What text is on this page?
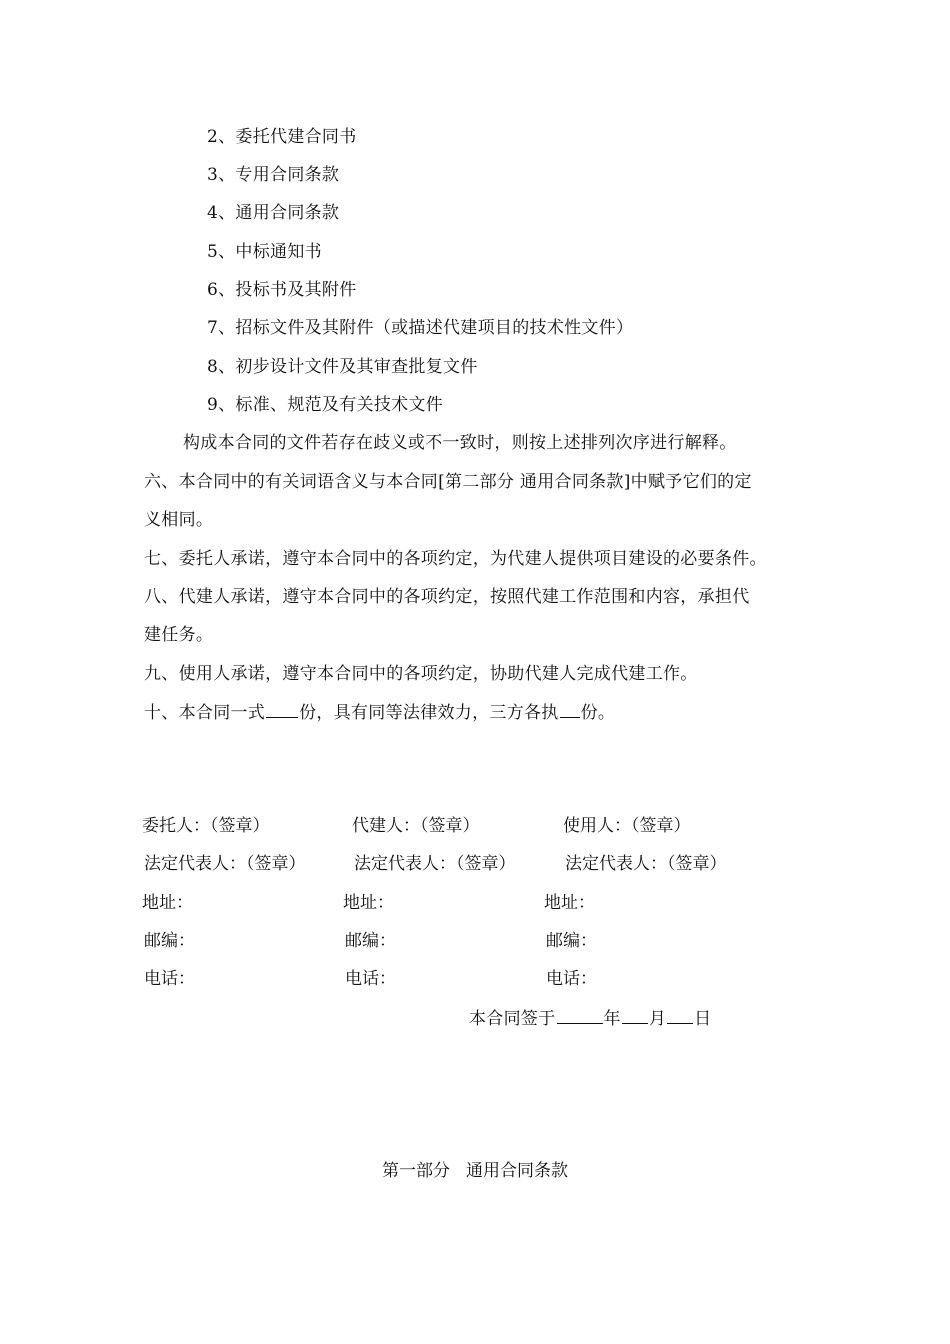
2、委托代建合同书
3、专用合同条款
4、通用合同条款
5、中标通知书
6、投标书及其附件
7、招标文件及其附件（或描述代建项目的技术性文件）
8、初步设计文件及其审查批复文件
9、标准、规范及有关技术文件
构成本合同的文件若存在歧义或不一致时，则按上述排列次序进行解释。
六、本合同中的有关词语含义与本合同[第二部分 通用合同条款]中赋予它们的定
义相同。
七、委托人承诺，遵守本合同中的各项约定，为代建人提供项目建设的必要条件。
八、代建人承诺，遵守本合同中的各项约定，按照代建工作范围和内容，承担代
建任务。
九、使用人承诺，遵守本合同中的各项约定，协助代建人完成代建工作。
十、本合同一式 份，具有同等法律效力，三方各执 份。
委托人：（签章）
法定代表人：（签章）
地址：
邮编：
电话：
代建人：（签章）
法定代表人：（签章）
地址：
邮编：
电话：
使用人：（签章）
法定代表人：（签章）
地址：
邮编：
电话：
本合同签于	年 月 日
第一部分 通用合同条款
